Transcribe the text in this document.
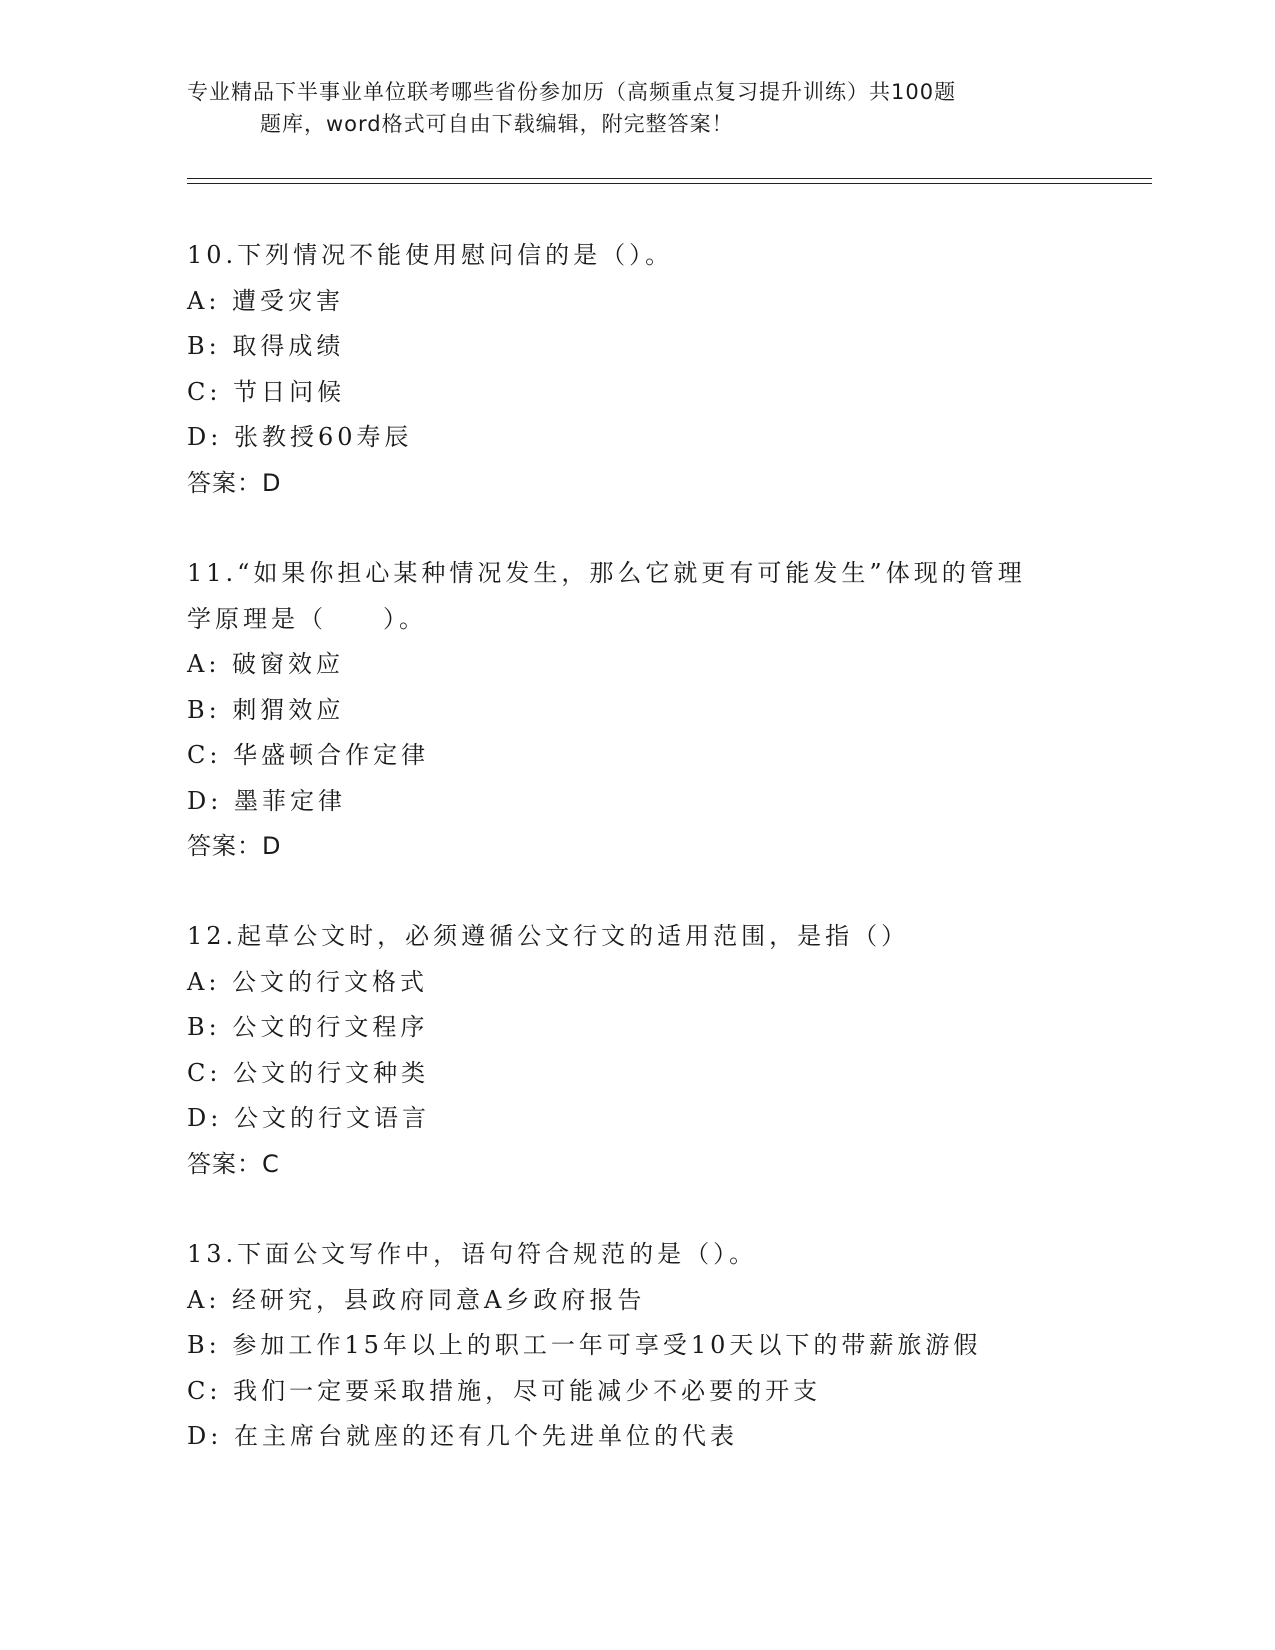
专业精品下半事业单位联考哪些省份参加历（高频重点复习提升训练）共100题
题库，word格式可自由下载编辑，附完整答案！
10.下列情况不能使用慰问信的是（）。
A: 遭受灾害
B: 取得成绩
C: 节日问候
D: 张教授60寿辰
答案：D
11.“如果你担心某种情况发生，那么它就更有可能发生”体现的管理
学原理是（　　）。
A: 破窗效应
B: 刺猬效应
C: 华盛顿合作定律
D: 墨菲定律
答案：D
12.起草公文时，必须遵循公文行文的适用范围，是指（）
A: 公文的行文格式
B: 公文的行文程序
C: 公文的行文种类
D: 公文的行文语言
答案：C
13.下面公文写作中，语句符合规范的是（）。
A: 经研究，县政府同意A乡政府报告
B: 参加工作15年以上的职工一年可享受10天以下的带薪旅游假
C: 我们一定要采取措施，尽可能减少不必要的开支
D: 在主席台就座的还有几个先进单位的代表
